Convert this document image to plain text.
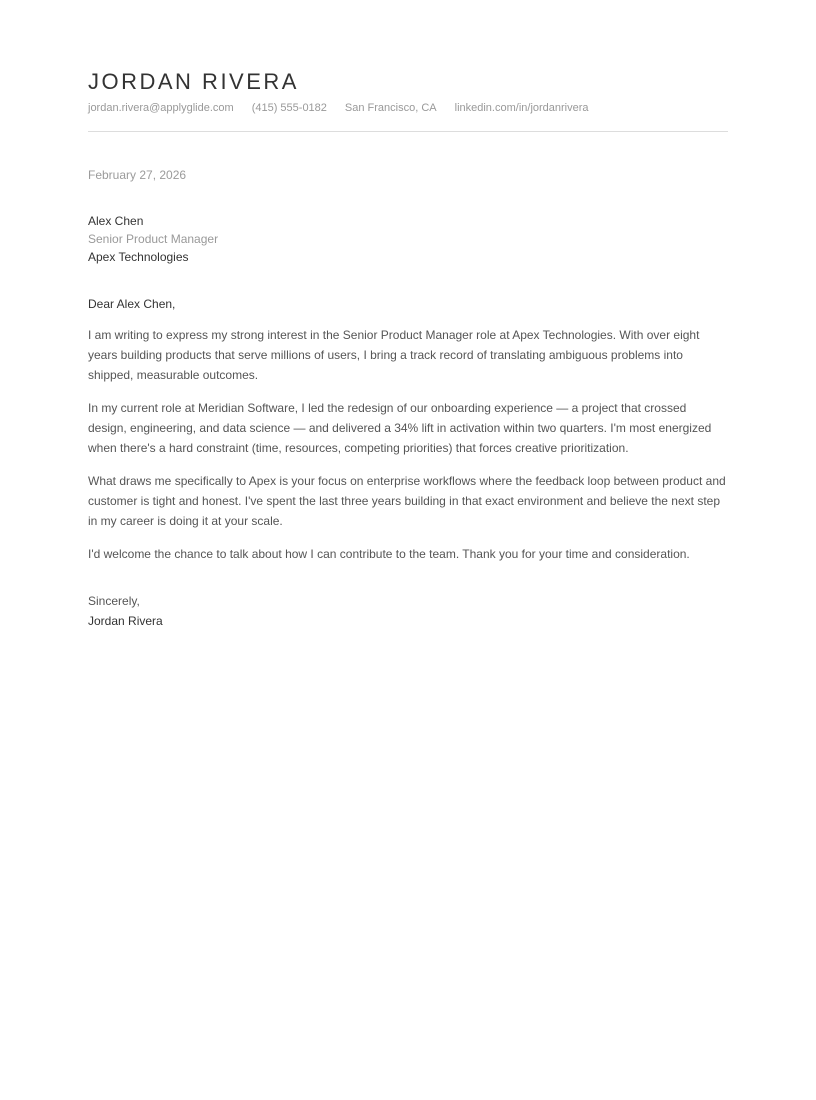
JORDAN RIVERA
jordan.rivera@applyglide.com (415) 555-0182 San Francisco, CA linkedin.com/in/jordanrivera
February 27, 2026
Alex Chen
Senior Product Manager
Apex Technologies
Dear Alex Chen,

I am writing to express my strong interest in the Senior Product Manager role at Apex Technologies. With over eight years building products that serve millions of users, I bring a track record of translating ambiguous problems into shipped, measurable outcomes.

In my current role at Meridian Software, I led the redesign of our onboarding experience — a project that crossed design, engineering, and data science — and delivered a 34% lift in activation within two quarters. I'm most energized when there's a hard constraint (time, resources, competing priorities) that forces creative prioritization.

What draws me specifically to Apex is your focus on enterprise workflows where the feedback loop between product and customer is tight and honest. I've spent the last three years building in that exact environment and believe the next step in my career is doing it at your scale.

I'd welcome the chance to talk about how I can contribute to the team. Thank you for your time and consideration.

Sincerely,
Jordan Rivera
